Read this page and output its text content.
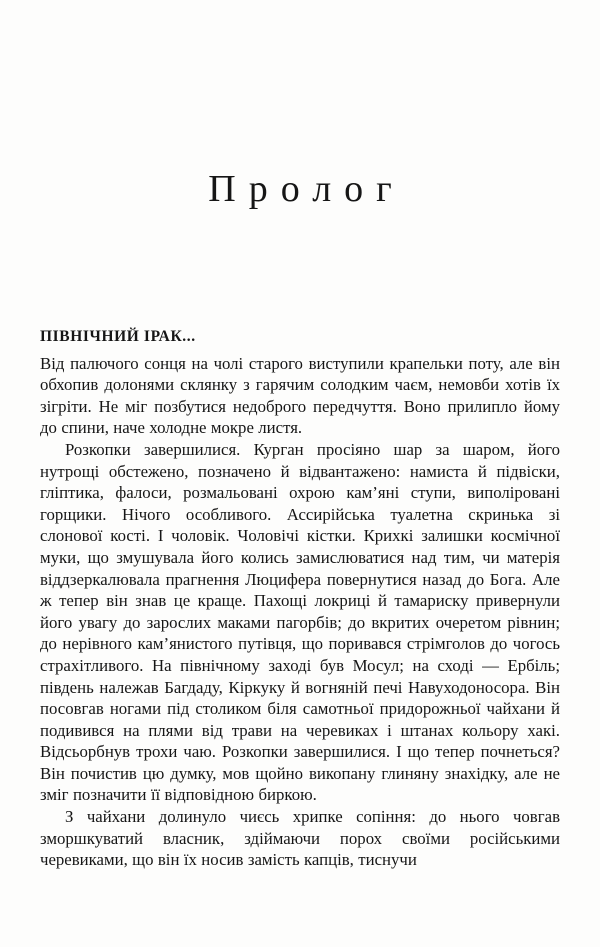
Пролог
ПІВНІЧНИЙ ІРАК...

Від палючого сонця на чолі старого виступили крапельки поту, але він обхопив долонями склянку з гарячим солодким чаєм, немовби хотів їх зігріти. Не міг позбутися недоброго передчуття. Воно прилипло йому до спини, наче холодне мокре листя.

Розкопки завершилися. Курган просіяно шар за шаром, його нутрощі обстежено, позначено й відвантажено: намиста й підвіски, гліптика, фалоси, розмальовані охрою кам’яні ступи, виполіровані горщики. Нічого особливого. Ассирійська туалетна скринька зі слонової кості. І чоловік. Чоловічі кістки. Крихкі залишки космічної муки, що змушувала його колись замислюватися над тим, чи матерія віддзеркалювала прагнення Люцифера повернутися назад до Бога. Але ж тепер він знав це краще. Пахощі локриці й тамариску привернули його увагу до зарослих маками пагорбів; до вкритих очеретом рівнин; до нерівного кам’янистого путівця, що поривався стрімголов до чогось страхітливого. На північному заході був Мосул; на сході — Ербіль; південь належав Багдаду, Кіркуку й вогняній печі Навуходоносора. Він посовгав ногами під столиком біля самотньої придорожньої чайхани й подивився на плями від трави на черевиках і штанах кольору хакі. Відсьорбнув трохи чаю. Розкопки завершилися. І що тепер почнеться? Він почистив цю думку, мов щойно викопану глиняну знахідку, але не зміг позначити її відповідною биркою.

З чайхани долинуло чиєсь хрипке сопіння: до нього човгав зморшкуватий власник, здіймаючи порох своїми російськими черевиками, що він їх носив замість капців, тиснучи
